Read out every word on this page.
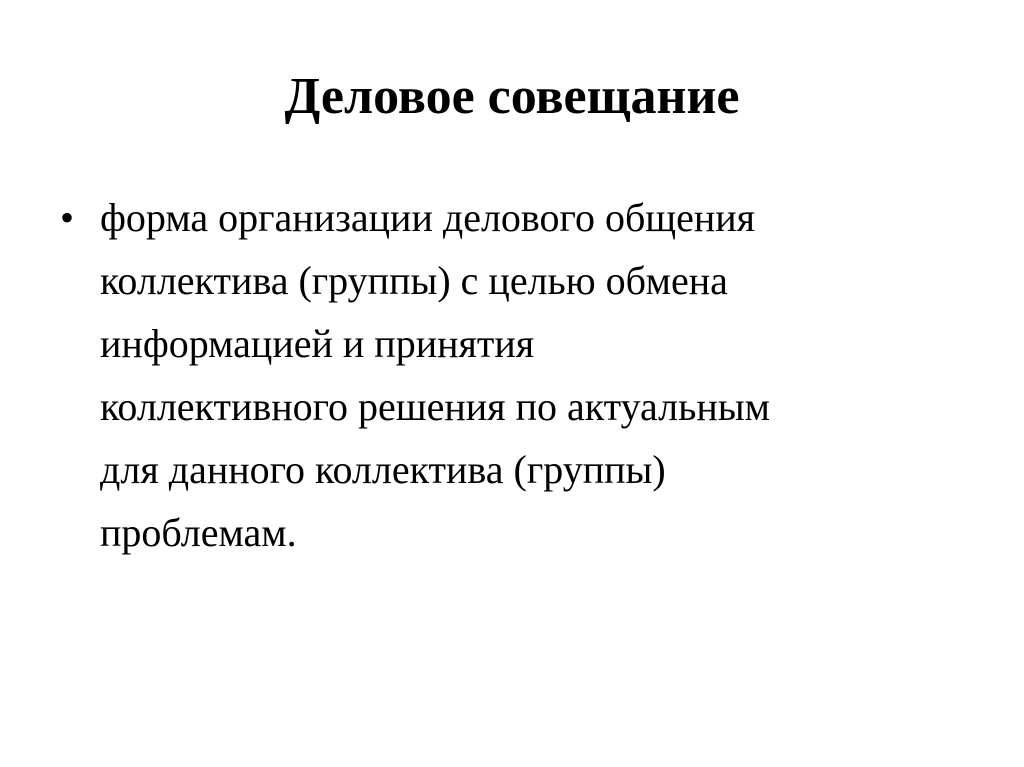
Деловое совещание
• форма организации делового общения
коллектива (группы) с целью обмена
информацией и принятия
коллективного решения по актуальным
для данного коллектива (группы)
проблемам.
